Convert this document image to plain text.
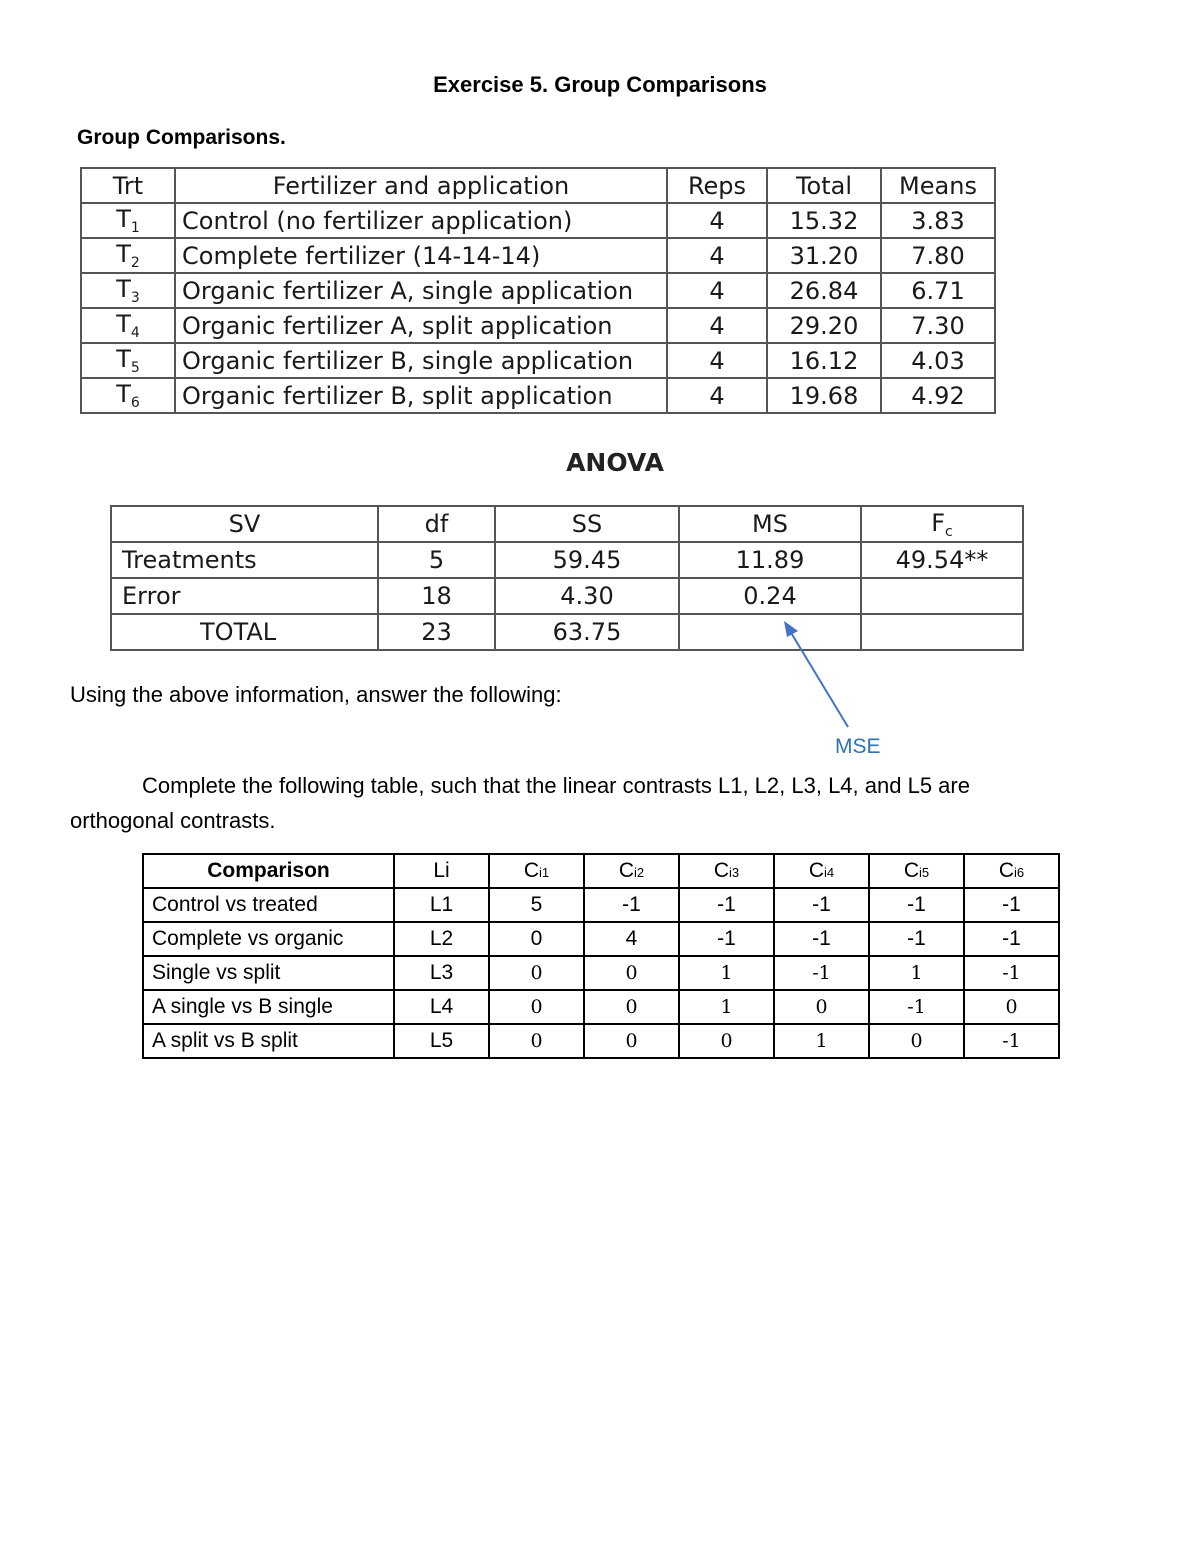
Exercise 5. Group Comparisons
Group Comparisons.
Trt	Fertilizer and application	Reps	Total	Means
$T_1$	Control (no fertilizer application)	4	15.32	3.83
$T_2$	Complete fertilizer (14-14-14)	4	31.20	7.80
$T_3$	Organic fertilizer A, single application	4	26.84	6.71
$T_4$	Organic fertilizer A, split application	4	29.20	7.30
$T_5$	Organic fertilizer B, single application	4	16.12	4.03
$T_6$	Organic fertilizer B, split application	4	19.68	4.92
ANOVA
SV	df	SS	MS	$F_c$
Treatments	5	59.45	11.89	49.54**
Error	18	4.30	0.24	
TOTAL	23	63.75		
Using the above information, answer the following:
MSE
Complete the following table, such that the linear contrasts L1, L2, L3, L4, and L5 are
orthogonal contrasts.
Comparison	Li	Ci1	Ci2	Ci3	Ci4	Ci5	Ci6
Control vs treated	L1	5	-1	-1	-1	-1	-1
Complete vs organic	L2	0	4	-1	-1	-1	-1
Single vs split	L3	0	0	1	-1	1	-1
A single vs B single	L4	0	0	1	0	-1	0
A split vs B split	L5	0	0	0	1	0	-1
